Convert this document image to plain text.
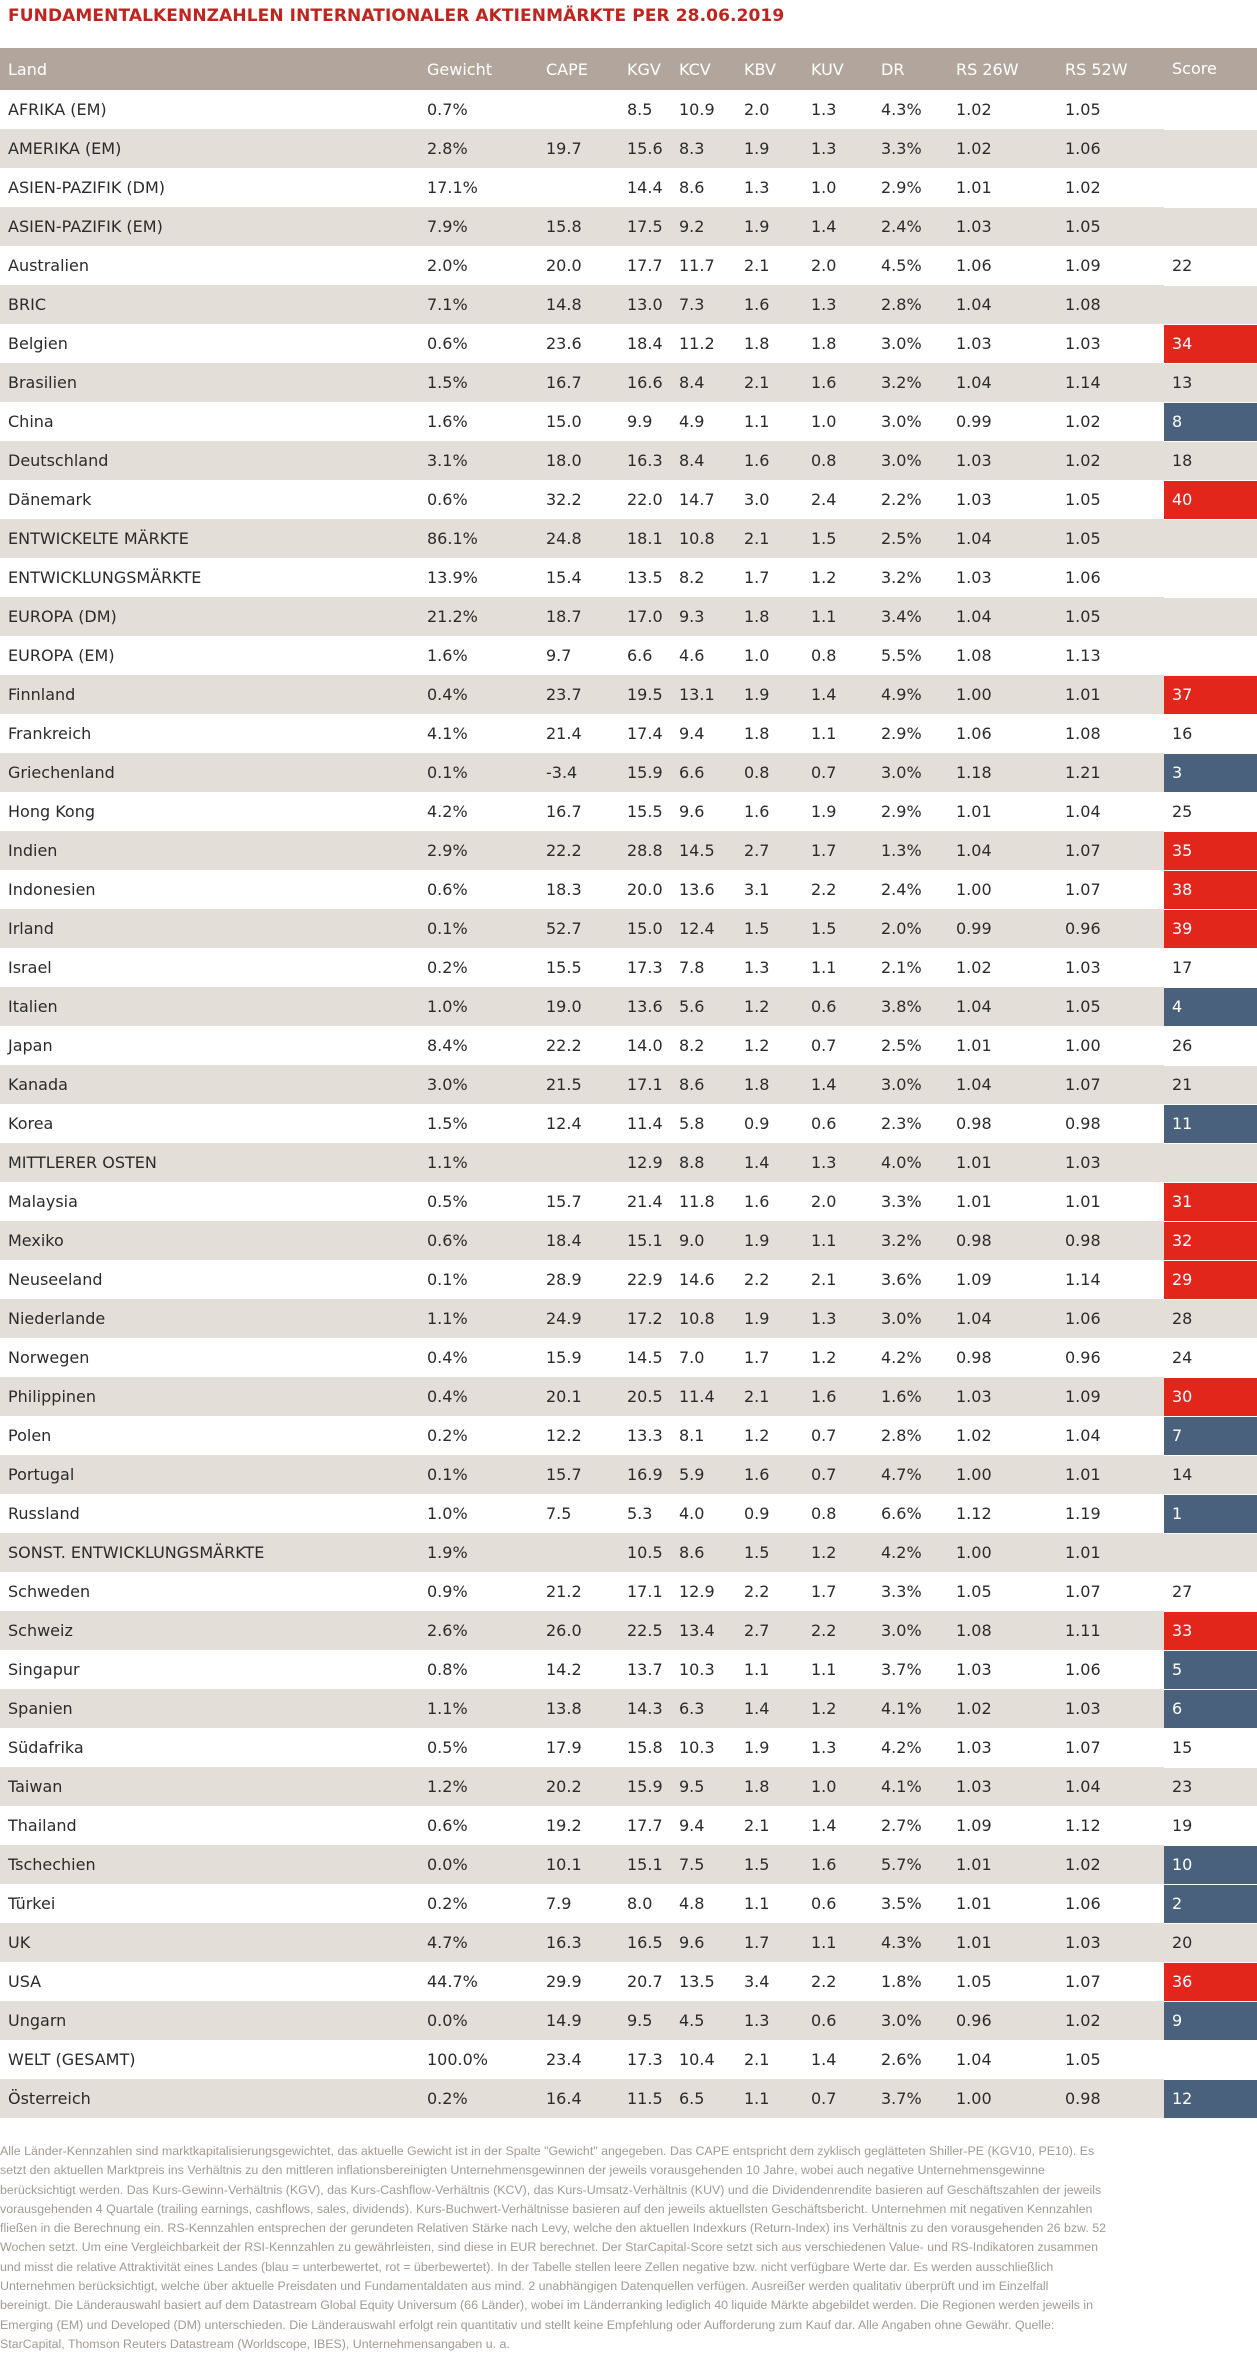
FUNDAMENTALKENNZAHLEN INTERNATIONALER AKTIENMÄRKTE PER 28.06.2019
Land	Gewicht	CAPE	KGV	KCV	KBV	KUV	DR	RS 26W	RS 52W	Score
AFRIKA (EM)	0.7%		8.5	10.9	2.0	1.3	4.3%	1.02	1.05	
AMERIKA (EM)	2.8%	19.7	15.6	8.3	1.9	1.3	3.3%	1.02	1.06	
ASIEN-PAZIFIK (DM)	17.1%		14.4	8.6	1.3	1.0	2.9%	1.01	1.02	
ASIEN-PAZIFIK (EM)	7.9%	15.8	17.5	9.2	1.9	1.4	2.4%	1.03	1.05	
Australien	2.0%	20.0	17.7	11.7	2.1	2.0	4.5%	1.06	1.09	22
BRIC	7.1%	14.8	13.0	7.3	1.6	1.3	2.8%	1.04	1.08	
Belgien	0.6%	23.6	18.4	11.2	1.8	1.8	3.0%	1.03	1.03	34
Brasilien	1.5%	16.7	16.6	8.4	2.1	1.6	3.2%	1.04	1.14	13
China	1.6%	15.0	9.9	4.9	1.1	1.0	3.0%	0.99	1.02	8
Deutschland	3.1%	18.0	16.3	8.4	1.6	0.8	3.0%	1.03	1.02	18
Dänemark	0.6%	32.2	22.0	14.7	3.0	2.4	2.2%	1.03	1.05	40
ENTWICKELTE MÄRKTE	86.1%	24.8	18.1	10.8	2.1	1.5	2.5%	1.04	1.05	
ENTWICKLUNGSMÄRKTE	13.9%	15.4	13.5	8.2	1.7	1.2	3.2%	1.03	1.06	
EUROPA (DM)	21.2%	18.7	17.0	9.3	1.8	1.1	3.4%	1.04	1.05	
EUROPA (EM)	1.6%	9.7	6.6	4.6	1.0	0.8	5.5%	1.08	1.13	
Finnland	0.4%	23.7	19.5	13.1	1.9	1.4	4.9%	1.00	1.01	37
Frankreich	4.1%	21.4	17.4	9.4	1.8	1.1	2.9%	1.06	1.08	16
Griechenland	0.1%	-3.4	15.9	6.6	0.8	0.7	3.0%	1.18	1.21	3
Hong Kong	4.2%	16.7	15.5	9.6	1.6	1.9	2.9%	1.01	1.04	25
Indien	2.9%	22.2	28.8	14.5	2.7	1.7	1.3%	1.04	1.07	35
Indonesien	0.6%	18.3	20.0	13.6	3.1	2.2	2.4%	1.00	1.07	38
Irland	0.1%	52.7	15.0	12.4	1.5	1.5	2.0%	0.99	0.96	39
Israel	0.2%	15.5	17.3	7.8	1.3	1.1	2.1%	1.02	1.03	17
Italien	1.0%	19.0	13.6	5.6	1.2	0.6	3.8%	1.04	1.05	4
Japan	8.4%	22.2	14.0	8.2	1.2	0.7	2.5%	1.01	1.00	26
Kanada	3.0%	21.5	17.1	8.6	1.8	1.4	3.0%	1.04	1.07	21
Korea	1.5%	12.4	11.4	5.8	0.9	0.6	2.3%	0.98	0.98	11
MITTLERER OSTEN	1.1%		12.9	8.8	1.4	1.3	4.0%	1.01	1.03	
Malaysia	0.5%	15.7	21.4	11.8	1.6	2.0	3.3%	1.01	1.01	31
Mexiko	0.6%	18.4	15.1	9.0	1.9	1.1	3.2%	0.98	0.98	32
Neuseeland	0.1%	28.9	22.9	14.6	2.2	2.1	3.6%	1.09	1.14	29
Niederlande	1.1%	24.9	17.2	10.8	1.9	1.3	3.0%	1.04	1.06	28
Norwegen	0.4%	15.9	14.5	7.0	1.7	1.2	4.2%	0.98	0.96	24
Philippinen	0.4%	20.1	20.5	11.4	2.1	1.6	1.6%	1.03	1.09	30
Polen	0.2%	12.2	13.3	8.1	1.2	0.7	2.8%	1.02	1.04	7
Portugal	0.1%	15.7	16.9	5.9	1.6	0.7	4.7%	1.00	1.01	14
Russland	1.0%	7.5	5.3	4.0	0.9	0.8	6.6%	1.12	1.19	1
SONST. ENTWICKLUNGSMÄRKTE	1.9%		10.5	8.6	1.5	1.2	4.2%	1.00	1.01	
Schweden	0.9%	21.2	17.1	12.9	2.2	1.7	3.3%	1.05	1.07	27
Schweiz	2.6%	26.0	22.5	13.4	2.7	2.2	3.0%	1.08	1.11	33
Singapur	0.8%	14.2	13.7	10.3	1.1	1.1	3.7%	1.03	1.06	5
Spanien	1.1%	13.8	14.3	6.3	1.4	1.2	4.1%	1.02	1.03	6
Südafrika	0.5%	17.9	15.8	10.3	1.9	1.3	4.2%	1.03	1.07	15
Taiwan	1.2%	20.2	15.9	9.5	1.8	1.0	4.1%	1.03	1.04	23
Thailand	0.6%	19.2	17.7	9.4	2.1	1.4	2.7%	1.09	1.12	19
Tschechien	0.0%	10.1	15.1	7.5	1.5	1.6	5.7%	1.01	1.02	10
Türkei	0.2%	7.9	8.0	4.8	1.1	0.6	3.5%	1.01	1.06	2
UK	4.7%	16.3	16.5	9.6	1.7	1.1	4.3%	1.01	1.03	20
USA	44.7%	29.9	20.7	13.5	3.4	2.2	1.8%	1.05	1.07	36
Ungarn	0.0%	14.9	9.5	4.5	1.3	0.6	3.0%	0.96	1.02	9
WELT (GESAMT)	100.0%	23.4	17.3	10.4	2.1	1.4	2.6%	1.04	1.05	
Österreich	0.2%	16.4	11.5	6.5	1.1	0.7	3.7%	1.00	0.98	12
Alle Länder-Kennzahlen sind marktkapitalisierungsgewichtet, das aktuelle Gewicht ist in der Spalte "Gewicht" angegeben. Das CAPE entspricht dem zyklisch geglätteten Shiller-PE (KGV10, PE10). Es
setzt den aktuellen Marktpreis ins Verhältnis zu den mittleren inflationsbereinigten Unternehmensgewinnen der jeweils vorausgehenden 10 Jahre, wobei auch negative Unternehmensgewinne
berücksichtigt werden. Das Kurs-Gewinn-Verhältnis (KGV), das Kurs-Cashflow-Verhältnis (KCV), das Kurs-Umsatz-Verhältnis (KUV) und die Dividendenrendite basieren auf Geschäftszahlen der jeweils
vorausgehenden 4 Quartale (trailing earnings, cashflows, sales, dividends). Kurs-Buchwert-Verhältnisse basieren auf den jeweils aktuellsten Geschäftsbericht. Unternehmen mit negativen Kennzahlen
fließen in die Berechnung ein. RS-Kennzahlen entsprechen der gerundeten Relativen Stärke nach Levy, welche den aktuellen Indexkurs (Return-Index) ins Verhältnis zu den vorausgehenden 26 bzw. 52
Wochen setzt. Um eine Vergleichbarkeit der RSI-Kennzahlen zu gewährleisten, sind diese in EUR berechnet. Der StarCapital-Score setzt sich aus verschiedenen Value- und RS-Indikatoren zusammen
und misst die relative Attraktivität eines Landes (blau = unterbewertet, rot = überbewertet). In der Tabelle stellen leere Zellen negative bzw. nicht verfügbare Werte dar. Es werden ausschließlich
Unternehmen berücksichtigt, welche über aktuelle Preisdaten und Fundamentaldaten aus mind. 2 unabhängigen Datenquellen verfügen. Ausreißer werden qualitativ überprüft und im Einzelfall
bereinigt. Die Länderauswahl basiert auf dem Datastream Global Equity Universum (66 Länder), wobei im Länderranking lediglich 40 liquide Märkte abgebildet werden. Die Regionen werden jeweils in
Emerging (EM) und Developed (DM) unterschieden. Die Länderauswahl erfolgt rein quantitativ und stellt keine Empfehlung oder Aufforderung zum Kauf dar. Alle Angaben ohne Gewähr. Quelle:
StarCapital, Thomson Reuters Datastream (Worldscope, IBES), Unternehmensangaben u. a.
